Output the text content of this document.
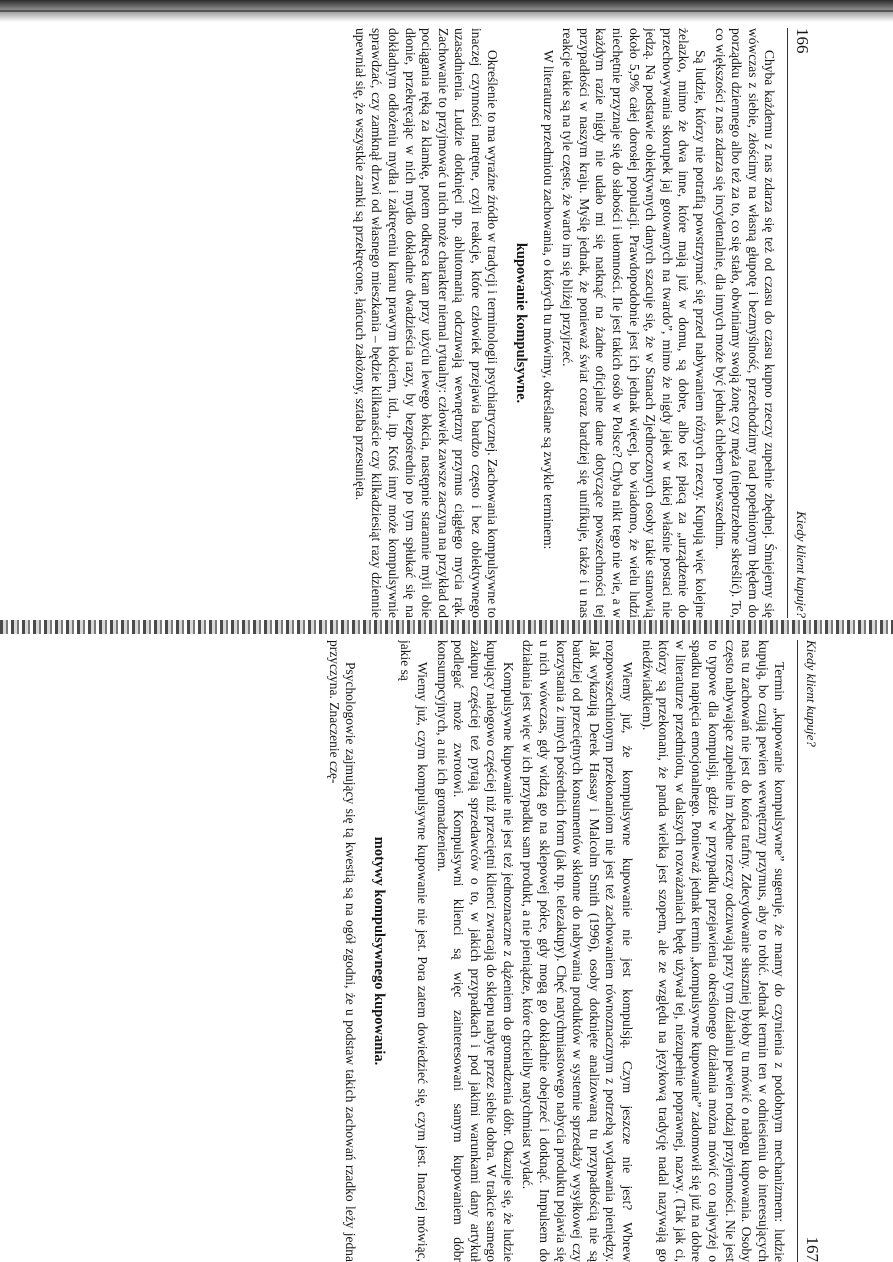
166
Kiedy klient kupuje?

Chyba każdemu z nas zdarza się też od czasu do czasu kupno rzeczy zupełnie zbędnej. Śmiejemy się wówczas z siebie, złościmy na własną głupotę i bezmyślność, przechodzimy nad popełnionym błędem do porządku dziennego albo też za to, co się stało, obwiniamy swoją żonę czy męża (niepotrzebne skreślić). To, co większości z nas zdarza się incydentalnie, dla innych może być jednak chlebem powszednim.

Są ludzie, którzy nie potrafią powstrzymać się przed nabywaniem różnych rzeczy. Kupują więc kolejne żelazko, mimo że dwa inne, które mają już w domu, są dobre, albo też płacą za „urządzenie do przechowywania skorupek jaj gotowanych na twardo”, mimo że nigdy jajek w takiej właśnie postaci nie jedzą. Na podstawie obiektywnych danych szacuje się, że w Stanach Zjednoczonych osoby takie stanowią około 5,9% całej dorosłej populacji. Prawdopodobnie jest ich jednak więcej, bo wiadomo, że wielu ludzi niechętnie przyznaje się do słabości i ułomności. Ile jest takich osób w Polsce? Chyba nikt tego nie wie, a w każdym razie nigdy nie udało mi się natknąć na żadne oficjalne dane dotyczące powszechności tej przypadłości w naszym kraju. Myślę jednak, że ponieważ świat coraz bardziej się unifikuje, także i u nas reakcje takie są na tyle częste, że warto im się bliżej przyjrzeć.

W literaturze przedmiotu zachowania, o których tu mówimy, określane są zwykle terminem:

kupowanie kompulsywne.

Określenie to ma wyraźne źródło w tradycji i terminologii psychiatrycznej. Zachowania kompulsywne to inaczej czynności natrętne, czyli reakcje, które człowiek przejawia bardzo często i bez obiektywnego uzasadnienia. Ludzie dotknięci np. ablutomanią odczuwają wewnętrzny przymus ciągłego mycia rąk. Zachowanie to przyjmować u nich może charakter niemal rytualny: człowiek zawsze zaczyna na przykład od pociągania ręką za klamkę, potem odkręca kran przy użyciu lewego łokcia, następnie starannie myli obie dłonie, przekręcając w nich mydło dokładnie dwadzieścia razy, by bezpośrednio po tym spłukać się na dokładnym odłożeniu mydła i zakręceniu kranu prawym łokciem, itd., itp. Ktoś inny może kompulsywnie sprawdzać, czy zamknął drzwi od własnego mieszkania – będzie kilkanaście czy kilkadziesiąt razy dziennie upewniał się, że wszystkie zamki są przekręcone, łańcuch założony, sztaba przesunięta.

Kiedy klient kupuje?
167

Termin „kupowanie kompulsywne” sugeruje, że mamy do czynienia z podobnym mechanizmem: ludzie kupują, bo czują pewien wewnętrzny przymus, aby to robić. Jednak termin ten w odniesieniu do interesujących nas tu zachowań nie jest do końca trafny. Zdecydowanie słuszniej byłoby tu mówić o nałogu kupowania. Osoby często nabywające zupełnie im zbędne rzeczy odczuwają przy tym działaniu pewien rodzaj przyjemności. Nie jest to typowe dla kompulsji, gdzie w przypadku przejawienia określonego działania można mówić co najwyżej o spadku napięcia emocjonalnego. Ponieważ jednak termin „kompulsywne kupowanie” zadomowił się już na dobre w literaturze przedmiotu, w dalszych rozważaniach będę używał tej, niezupełnie poprawnej, nazwy. (Tak jak ci, którzy są przekonani, że panda wielka jest szopem, ale ze względu na językową tradycję nadal nazywają go niedźwiadkiem).

Wiemy już, że kompulsywne kupowanie nie jest kompulsją. Czym jeszcze nie jest? Wbrew rozpowszechnionym przekonaniom nie jest też zachowaniem równoznacznym z potrzebą wydawania pieniędzy. Jak wykazują Derek Hassay i Malcolm Smith (1996), osoby dotknięte analizowaną tu przypadłością nie są bardziej od przeciętnych konsumentów skłonne do nabywania produktów w systemie sprzedaży wysyłkowej czy korzystania z innych pośrednich form (jak np. telezakupy). Chęć natychmiastowego nabycia produktu pojawia się u nich wówczas, gdy widzą go na sklepowej półce, gdy mogą go dokładnie obejrzeć i dotknąć. Impulsem do działania jest więc w ich przypadku sam produkt, a nie pieniądze, które chcieliby natychmiast wydać.

Kompulsywne kupowanie nie jest też jednoznaczne z dążeniem do gromadzenia dóbr. Okazuje się, że ludzie kupujący nałogowo częściej niż przeciętni klienci zwracają do sklepu nabyte przez siebie dobra. W trakcie samego zakupu częściej też pytają sprzedawców o to, w jakich przypadkach i pod jakimi warunkami dany artykuł podlegać może zwrotowi. Kompulsywni klienci są więc zainteresowani samym kupowaniem dóbr konsumpcyjnych, a nie ich gromadzeniem.

Wiemy już, czym kompulsywne kupowanie nie jest. Pora zatem dowiedzieć się, czym jest. Inaczej mówiąc, jakie są

motywy kompulsywnego kupowania.

Psychologowie zajmujący się tą kwestią są na ogół zgodni, że u podstaw takich zachowań rzadko leży jedna przyczyna. Znaczenie czę-
